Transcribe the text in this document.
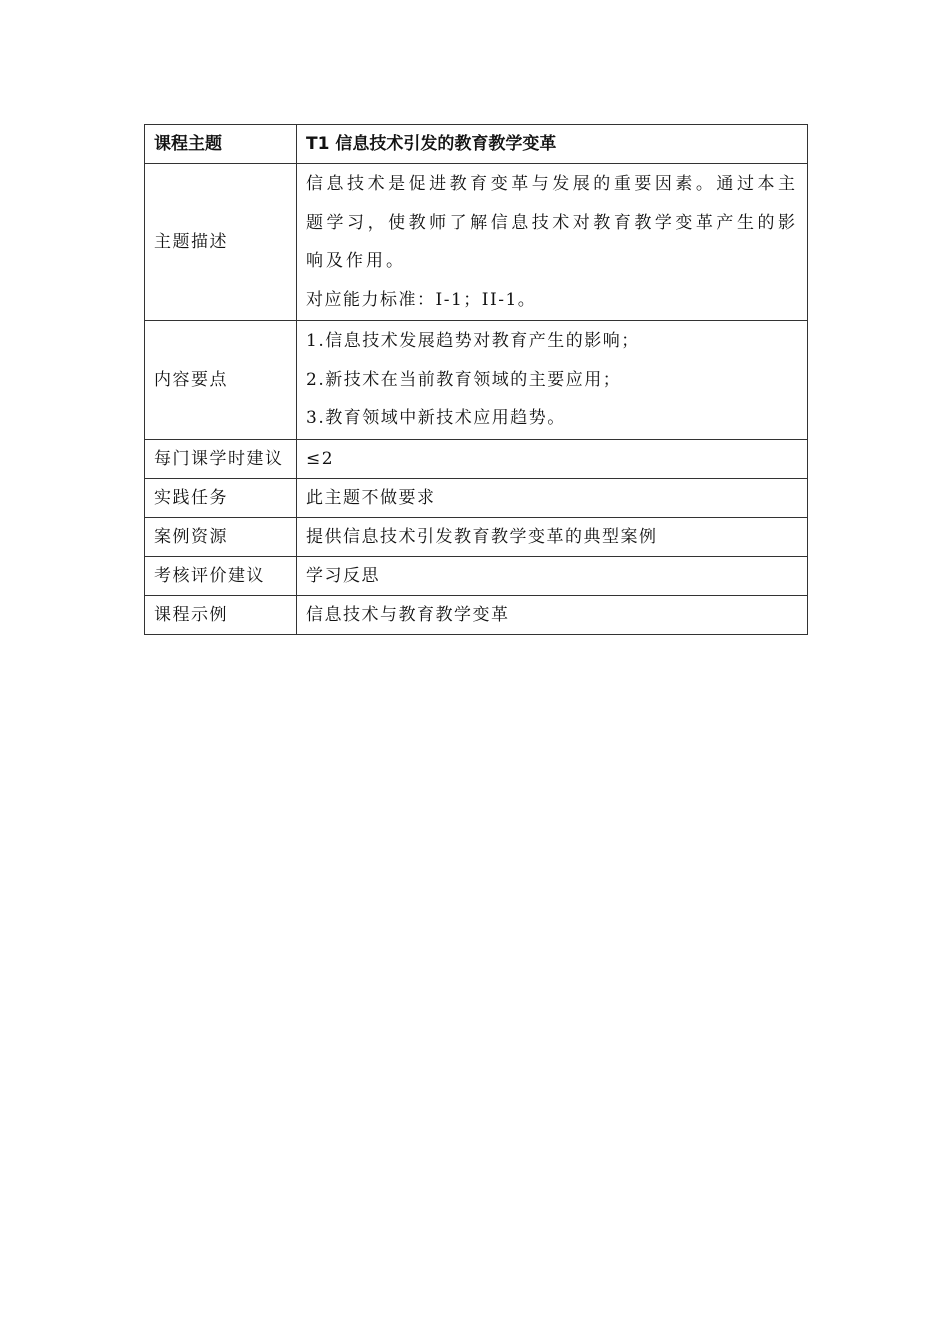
课程主题	T1 信息技术引发的教育教学变革
主题描述	信息技术是促进教育变革与发展的重要因素。通过本主题学习，使教师了解信息技术对教育教学变革产生的影响及作用。
对应能力标准：I-1；II-1。

内容要点	1.信息技术发展趋势对教育产生的影响；
2.新技术在当前教育领域的主要应用；
3.教育领域中新技术应用趋势。

每门课学时建议	≤2
实践任务	此主题不做要求
案例资源	提供信息技术引发教育教学变革的典型案例
考核评价建议	学习反思
课程示例	信息技术与教育教学变革
